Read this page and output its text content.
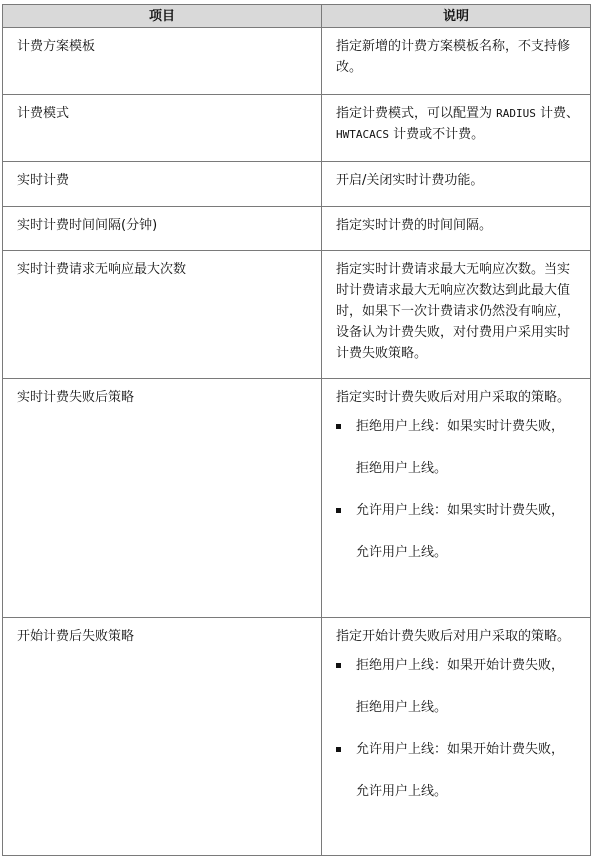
项目	说明
计费方案模板	指定新增的计费方案模板名称，不支持修改。
计费模式	指定计费模式，可以配置为 RADIUS 计费、HWTACACS 计费或不计费。
实时计费	开启/关闭实时计费功能。
实时计费时间间隔(分钟)	指定实时计费的时间间隔。
实时计费请求无响应最大次数	指定实时计费请求最大无响应次数。当实时计费请求最大无响应次数达到此最大值时，如果下一次计费请求仍然没有响应，设备认为计费失败，对付费用户采用实时计费失败策略。
实时计费失败后策略	指定实时计费失败后对用户采取的策略。
拒绝用户上线：如果实时计费失败，
拒绝用户上线。
允许用户上线：如果实时计费失败，
允许用户上线。

开始计费后失败策略	指定开始计费失败后对用户采取的策略。
拒绝用户上线：如果开始计费失败，
拒绝用户上线。
允许用户上线：如果开始计费失败，
允许用户上线。
